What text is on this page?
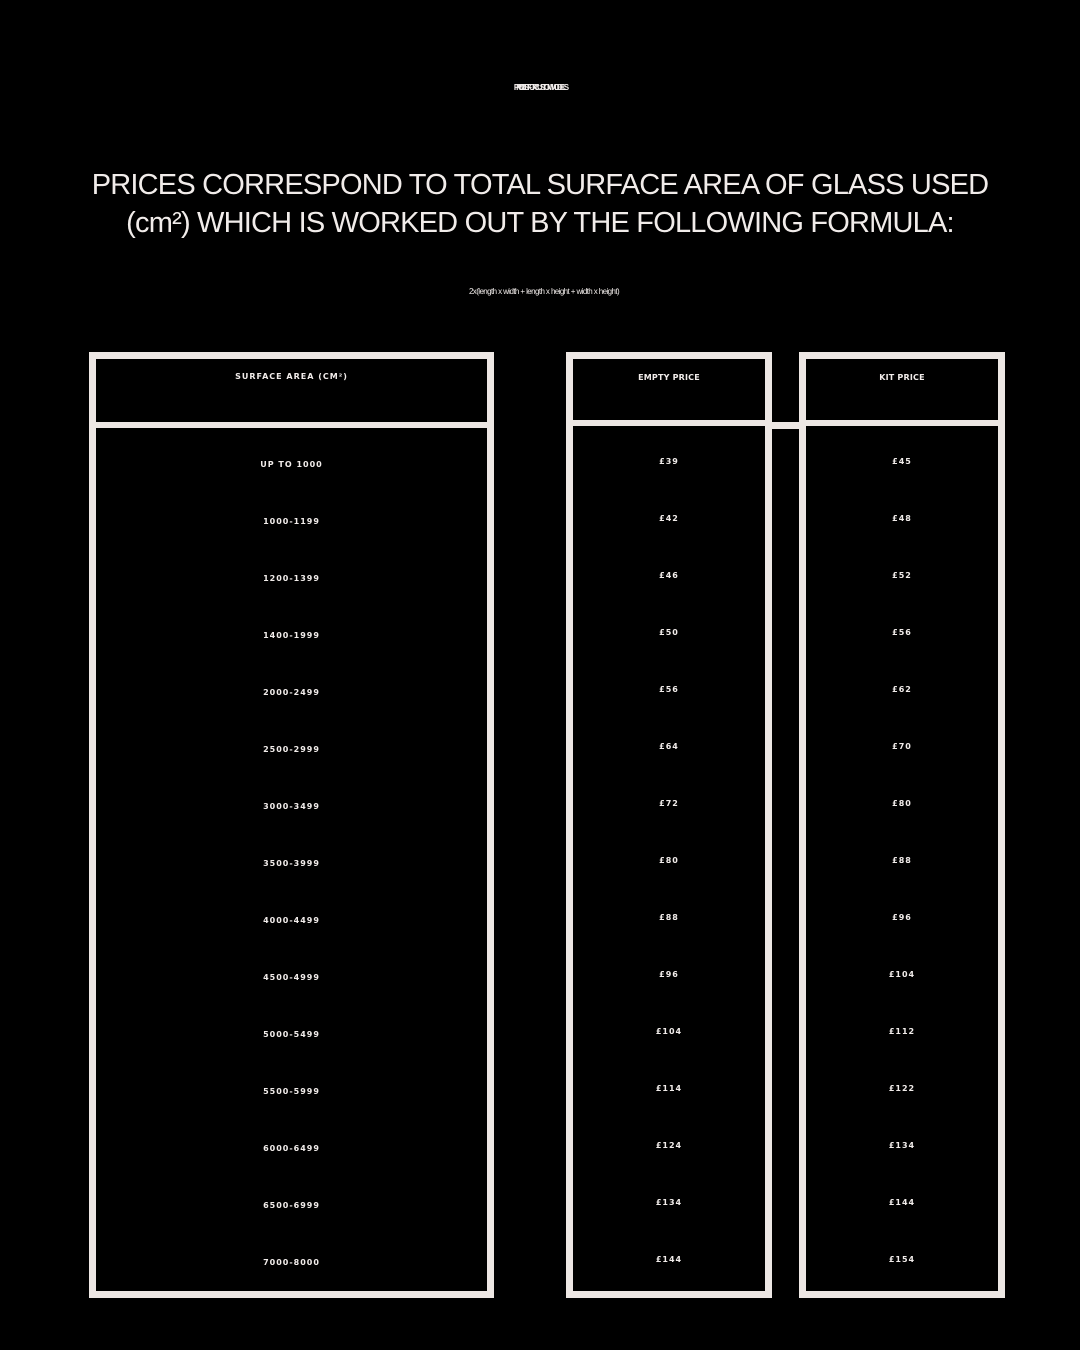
PRICE LIST FOR CUSTOM MODELS
PRICES CORRESPOND TO TOTAL SURFACE AREA OF GLASS USED
(cm²) WHICH IS WORKED OUT BY THE FOLLOWING FORMULA:
2x(length x width + length x height + width x height)
SURFACE AREA (CM²)
UP TO 1000
1000-1199
1200-1399
1400-1999
2000-2499
2500-2999
3000-3499
3500-3999
4000-4499
4500-4999
5000-5499
5500-5999
6000-6499
6500-6999
7000-8000
EMPTY PRICE
£39
£42
£46
£50
£56
£64
£72
£80
£88
£96
£104
£114
£124
£134
£144
KIT PRICE
£45
£48
£52
£56
£62
£70
£80
£88
£96
£104
£112
£122
£134
£144
£154
